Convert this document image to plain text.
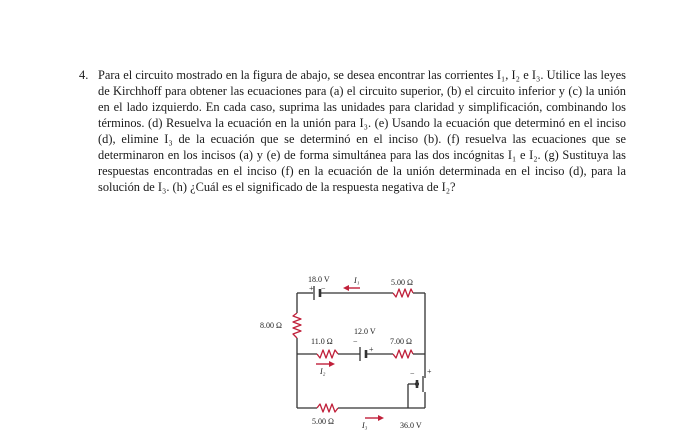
4. Para el circuito mostrado en la figura de abajo, se desea encontrar las corrientes I₁, I₂ e I₃. Utilice las leyes de Kirchhoff para obtener las ecuaciones para (a) el circuito superior, (b) el circuito inferior y (c) la unión en el lado izquierdo. En cada caso, suprima las unidades para claridad y simplificación, combinando los términos. (d) Resuelva la ecuación en la unión para I₃. (e) Usando la ecuación que determinó en el inciso (d), elimine I₃ de la ecuación que se determinó en el inciso (b). (f) resuelva las ecuaciones que se determinaron en los incisos (a) y (e) de forma simultánea para las dos incógnitas I₁ e I₂. (g) Sustituya las respuestas encontradas en el inciso (f) en la ecuación de la unión determinada en el inciso (d), para la solución de I₃. (h) ¿Cuál es el significado de la respuesta negativa de I₂?
18.0 V
+ −
I₁	5.00 Ω
8.00 Ω
11.0 Ω
12.0 V
−
+
7.00 Ω
I₂	− +
5.00 Ω	I₃	36.0 V
